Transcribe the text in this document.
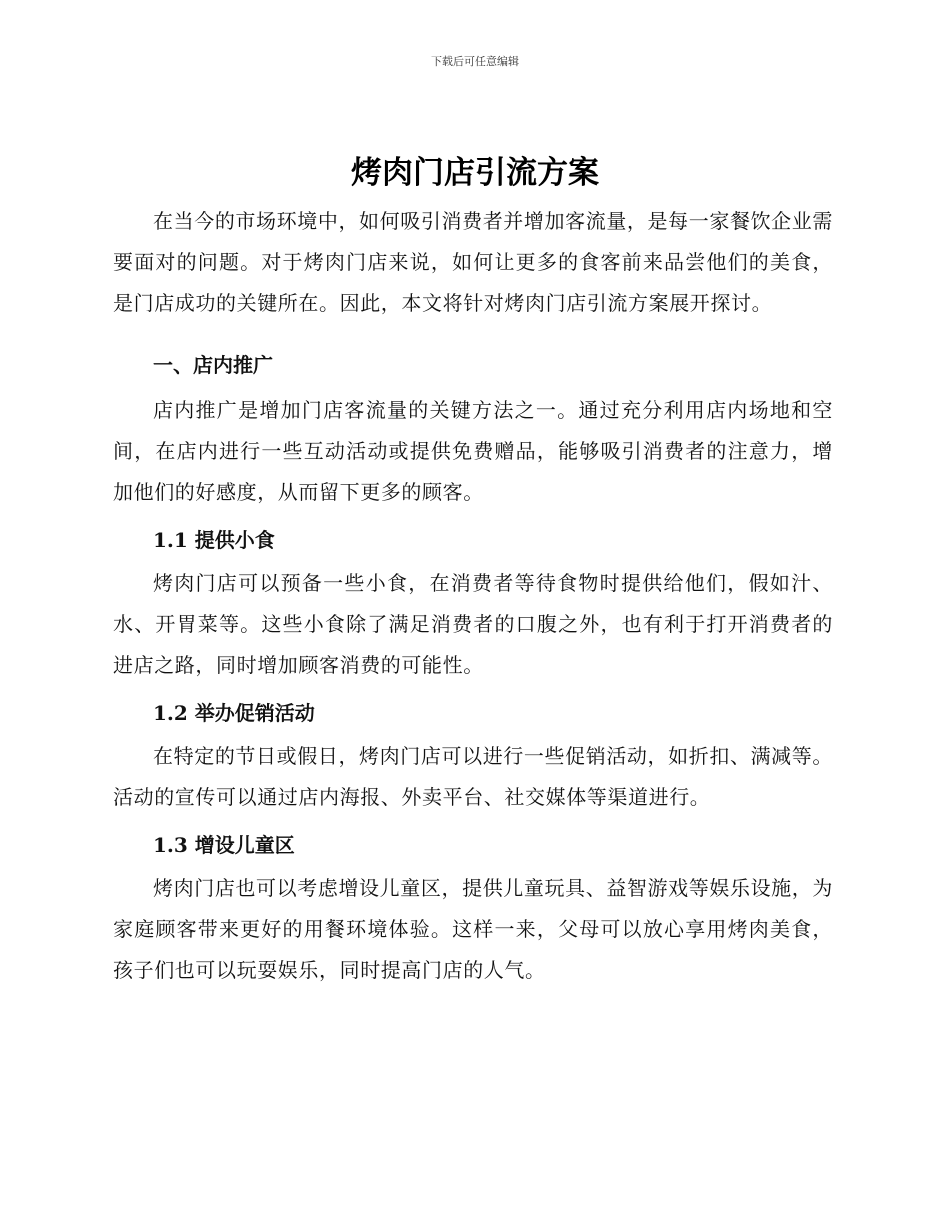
下载后可任意编辑
烤肉门店引流方案

在当今的市场环境中，如何吸引消费者并增加客流量，是每一家餐饮企业需要面对的问题。对于烤肉门店来说，如何让更多的食客前来品尝他们的美食，是门店成功的关键所在。因此，本文将针对烤肉门店引流方案展开探讨。

一、店内推广

店内推广是增加门店客流量的关键方法之一。通过充分利用店内场地和空间，在店内进行一些互动活动或提供免费赠品，能够吸引消费者的注意力，增加他们的好感度，从而留下更多的顾客。

1.1 提供小食

烤肉门店可以预备一些小食，在消费者等待食物时提供给他们，假如汁、水、开胃菜等。这些小食除了满足消费者的口腹之外，也有利于打开消费者的进店之路，同时增加顾客消费的可能性。

1.2 举办促销活动

在特定的节日或假日，烤肉门店可以进行一些促销活动，如折扣、满减等。活动的宣传可以通过店内海报、外卖平台、社交媒体等渠道进行。

1.3 增设儿童区

烤肉门店也可以考虑增设儿童区，提供儿童玩具、益智游戏等娱乐设施，为家庭顾客带来更好的用餐环境体验。这样一来，父母可以放心享用烤肉美食，孩子们也可以玩耍娱乐，同时提高门店的人气。
